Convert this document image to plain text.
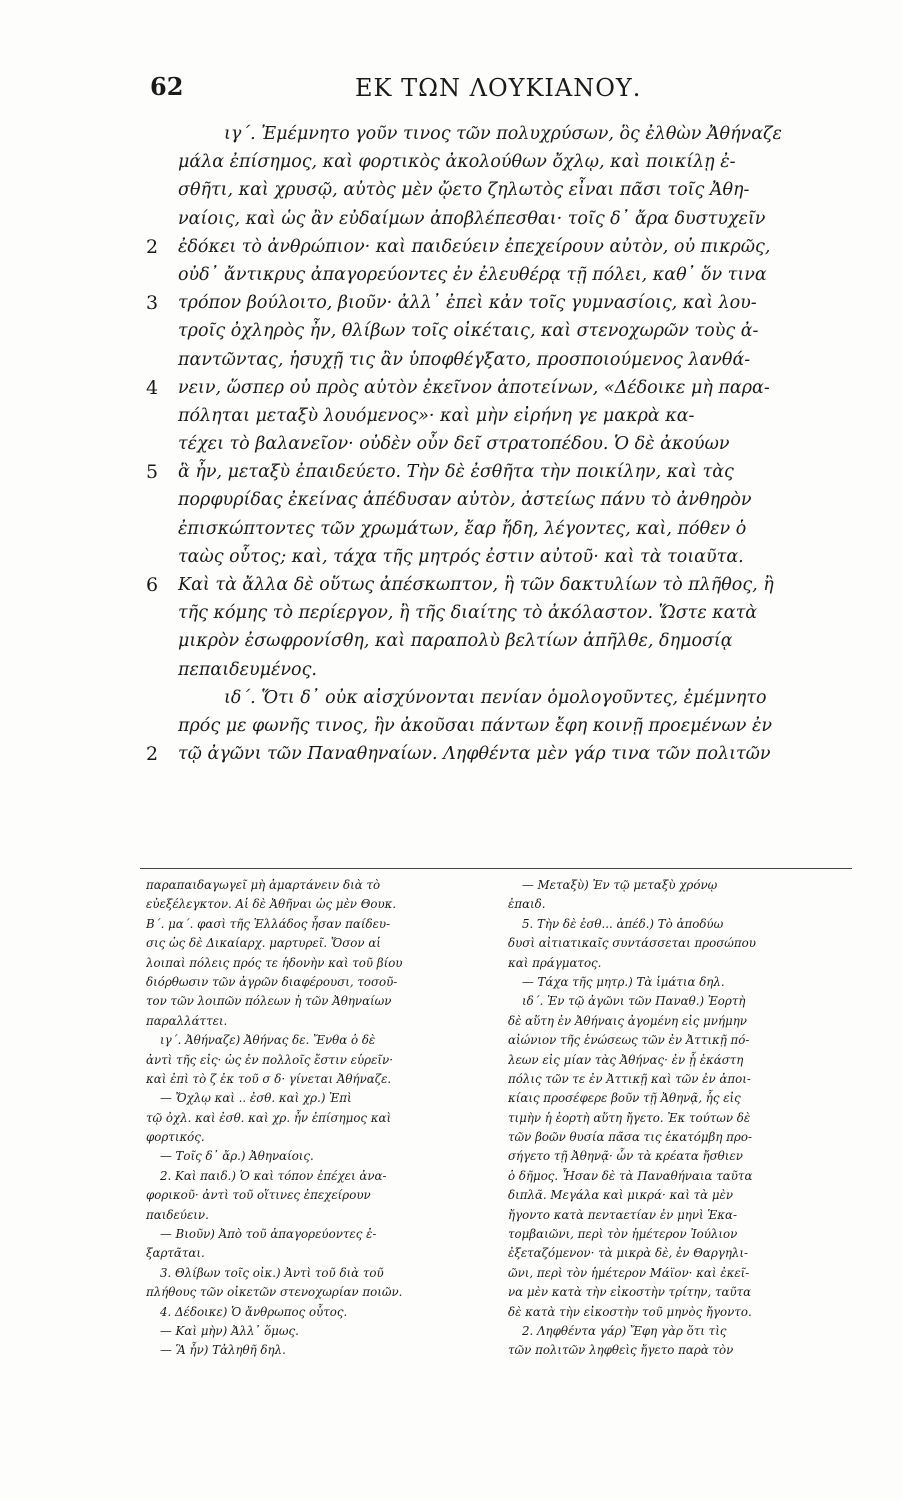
62	ΕΚ ΤΩΝ ΛΟΥΚΙΑΝΟΥ.
ιγ΄. Ἐμέμνητο γοῦν τινος τῶν πολυχρύσων, ὃς ἐλθὼν Ἀθήναζε
μάλα ἐπίσημος, καὶ φορτικὸς ἀκολούθων ὄχλῳ, καὶ ποικίλῃ ἐ-
σθῆτι, καὶ χρυσῷ, αὐτὸς μὲν ᾤετο ζηλωτὸς εἶναι πᾶσι τοῖς Ἀθη-
ναίοις, καὶ ὡς ἂν εὐδαίμων ἀποβλέπεσθαι· τοῖς δ᾽ ἄρα δυστυχεῖν
2 ἐδόκει τὸ ἀνθρώπιον· καὶ παιδεύειν ἐπεχείρουν αὐτὸν, οὐ πικρῶς,
οὐδ᾽ ἄντικρυς ἀπαγορεύοντες ἐν ἐλευθέρᾳ τῇ πόλει, καθ᾽ ὅν τινα
3 τρόπον βούλοιτο, βιοῦν· ἀλλ᾽ ἐπεὶ κἀν τοῖς γυμνασίοις, καὶ λου-
τροῖς ὀχληρὸς ἦν, θλίβων τοῖς οἰκέταις, καὶ στενοχωρῶν τοὺς ἀ-
παντῶντας, ἡσυχῇ τις ἂν ὑποφθέγξατο, προσποιούμενος λανθά-
4 νειν, ὥσπερ οὐ πρὸς αὐτὸν ἐκεῖνον ἀποτείνων, «Δέδοικε μὴ παρα-
πόληται μεταξὺ λουόμενος»· καὶ μὴν εἰρήνη γε μακρὰ κα-
τέχει τὸ βαλανεῖον· οὐδὲν οὖν δεῖ στρατοπέδου. Ὁ δὲ ἀκούων
5 ἃ ἦν, μεταξὺ ἐπαιδεύετο. Τὴν δὲ ἐσθῆτα τὴν ποικίλην, καὶ τὰς
πορφυρίδας ἐκείνας ἀπέδυσαν αὐτὸν, ἀστείως πάνυ τὸ ἀνθηρὸν
ἐπισκώπτοντες τῶν χρωμάτων, ἔαρ ἤδη, λέγοντες, καὶ, πόθεν ὁ
ταὼς οὗτος; καὶ, τάχα τῆς μητρός ἐστιν αὐτοῦ· καὶ τὰ τοιαῦτα.
6 Καὶ τὰ ἄλλα δὲ οὕτως ἀπέσκωπτον, ἢ τῶν δακτυλίων τὸ πλῆθος, ἢ
τῆς κόμης τὸ περίεργον, ἢ τῆς διαίτης τὸ ἀκόλαστον. Ὥστε κατὰ
μικρὸν ἐσωφρονίσθη, καὶ παραπολὺ βελτίων ἀπῆλθε, δημοσίᾳ
πεπαιδευμένος.
ιδ΄. Ὅτι δ᾽ οὐκ αἰσχύνονται πενίαν ὁμολογοῦντες, ἐμέμνητο
πρός με φωνῆς τινος, ἣν ἀκοῦσαι πάντων ἔφη κοινῇ προεμένων ἐν
2 τῷ ἀγῶνι τῶν Παναθηναίων. Ληφθέντα μὲν γάρ τινα τῶν πολιτῶν
παραπαιδαγωγεῖ μὴ ἁμαρτάνειν διὰ τὸ
εὐεξέλεγκτον. Αἱ δὲ Ἀθῆναι ὡς μὲν Θουκ.
Β΄. μα΄. φασὶ τῆς Ἑλλάδος ἦσαν παίδευ-
σις ὡς δὲ Δικαίαρχ. μαρτυρεῖ. Ὅσον αἱ
λοιπαὶ πόλεις πρός τε ἡδονὴν καὶ τοῦ βίου
διόρθωσιν τῶν ἀγρῶν διαφέρουσι, τοσοῦ-
τον τῶν λοιπῶν πόλεων ἡ τῶν Ἀθηναίων
παραλλάττει.
ιγ΄. Ἀθήναζε) Ἀθήνας δε. Ἔνθα ὁ δὲ
ἀντὶ τῆς εἰς· ὡς ἐν πολλοῖς ἔστιν εὑρεῖν·
καὶ ἐπὶ τὸ ζ ἐκ τοῦ σ δ· γίνεται Ἀθήναζε.
— Ὄχλῳ καὶ .. ἐσθ. καὶ χρ.) Ἐπὶ
τῷ ὀχλ. καὶ ἐσθ. καὶ χρ. ἦν ἐπίσημος καὶ
φορτικός.
— Τοῖς δ᾽ ἄρ.) Ἀθηναίοις.
2. Καὶ παιδ.) Ὁ καὶ τόπον ἐπέχει ἀνα-
φορικοῦ· ἀντὶ τοῦ οἵτινες ἐπεχείρουν
παιδεύειν.
— Βιοῦν) Ἀπὸ τοῦ ἀπαγορεύοντες ἐ-
ξαρτᾶται.
3. Θλίβων τοῖς οἰκ.) Ἀντὶ τοῦ διὰ τοῦ
πλήθους τῶν οἰκετῶν στενοχωρίαν ποιῶν.
4. Δέδοικε) Ὁ ἄνθρωπος οὗτος.
— Καὶ μὴν) Ἀλλ᾽ ὅμως.
— Ἃ ἦν) Τἀληθῆ δηλ.
— Μεταξὺ) Ἐν τῷ μεταξὺ χρόνῳ
ἐπαιδ.
5. Τὴν δὲ ἐσθ... ἀπέδ.) Τὸ ἀποδύω
δυσὶ αἰτιατικαῖς συντάσσεται προσώπου
καὶ πράγματος.
— Τάχα τῆς μητρ.) Τὰ ἱμάτια δηλ.
ιδ΄. Ἐν τῷ ἀγῶνι τῶν Παναθ.) Ἑορτὴ
δὲ αὕτη ἐν Ἀθήναις ἀγομένη εἰς μνήμην
αἰώνιον τῆς ἑνώσεως τῶν ἐν Ἀττικῇ πό-
λεων εἰς μίαν τὰς Ἀθήνας· ἐν ᾗ ἑκάστη
πόλις τῶν τε ἐν Ἀττικῇ καὶ τῶν ἐν ἀποι-
κίαις προσέφερε βοῦν τῇ Ἀθηνᾷ, ἧς εἰς
τιμὴν ἡ ἑορτὴ αὕτη ἤγετο. Ἐκ τούτων δὲ
τῶν βοῶν θυσία πᾶσα τις ἑκατόμβη προ-
σήγετο τῇ Ἀθηνᾷ· ὧν τὰ κρέατα ἤσθιεν
ὁ δῆμος. Ἦσαν δὲ τὰ Παναθήναια ταῦτα
διπλᾶ. Μεγάλα καὶ μικρά· καὶ τὰ μὲν
ἤγοντο κατὰ πενταετίαν ἐν μηνὶ Ἑκα-
τομβαιῶνι, περὶ τὸν ἡμέτερον Ἰούλιον
ἐξεταζόμενον· τὰ μικρὰ δὲ, ἐν Θαργηλι-
ῶνι, περὶ τὸν ἡμέτερον Μάϊον· καὶ ἐκεῖ-
να μὲν κατὰ τὴν εἰκοστὴν τρίτην, ταῦτα
δὲ κατὰ τὴν εἰκοστὴν τοῦ μηνὸς ἤγοντο.
2. Ληφθέντα γάρ) Ἔφη γὰρ ὅτι τὶς
τῶν πολιτῶν ληφθεὶς ἤγετο παρὰ τὸν
